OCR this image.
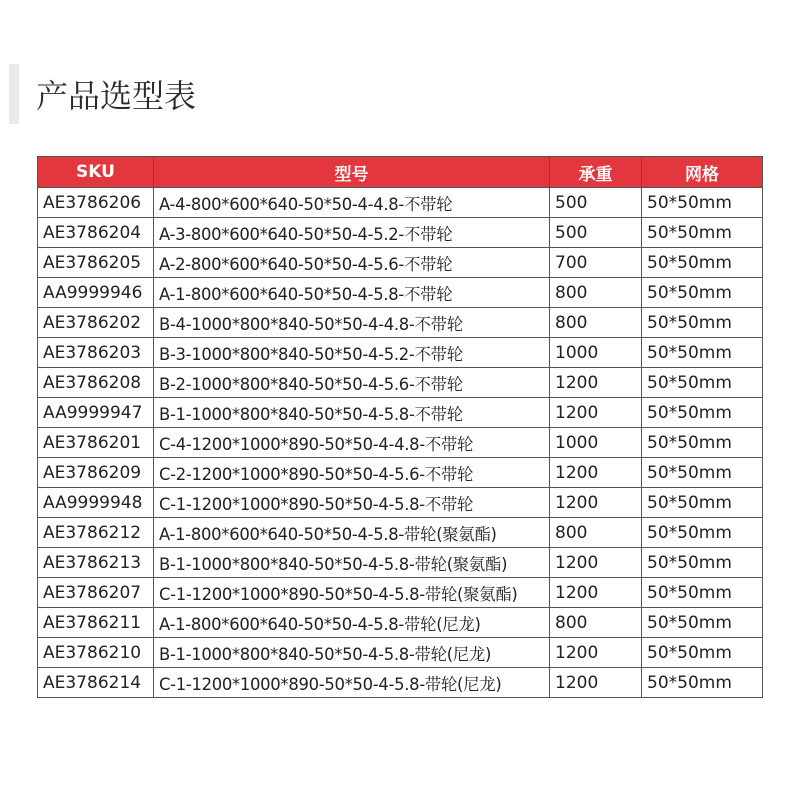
产品选型表
SKU	型号	承重	网格
AE3786206	A-4-800*600*640-50*50-4-4.8-不带轮	500	50*50mm
AE3786204	A-3-800*600*640-50*50-4-5.2-不带轮	500	50*50mm
AE3786205	A-2-800*600*640-50*50-4-5.6-不带轮	700	50*50mm
AA9999946	A-1-800*600*640-50*50-4-5.8-不带轮	800	50*50mm
AE3786202	B-4-1000*800*840-50*50-4-4.8-不带轮	800	50*50mm
AE3786203	B-3-1000*800*840-50*50-4-5.2-不带轮	1000	50*50mm
AE3786208	B-2-1000*800*840-50*50-4-5.6-不带轮	1200	50*50mm
AA9999947	B-1-1000*800*840-50*50-4-5.8-不带轮	1200	50*50mm
AE3786201	C-4-1200*1000*890-50*50-4-4.8-不带轮	1000	50*50mm
AE3786209	C-2-1200*1000*890-50*50-4-5.6-不带轮	1200	50*50mm
AA9999948	C-1-1200*1000*890-50*50-4-5.8-不带轮	1200	50*50mm
AE3786212	A-1-800*600*640-50*50-4-5.8-带轮(聚氨酯)	800	50*50mm
AE3786213	B-1-1000*800*840-50*50-4-5.8-带轮(聚氨酯)	1200	50*50mm
AE3786207	C-1-1200*1000*890-50*50-4-5.8-带轮(聚氨酯)	1200	50*50mm
AE3786211	A-1-800*600*640-50*50-4-5.8-带轮(尼龙)	800	50*50mm
AE3786210	B-1-1000*800*840-50*50-4-5.8-带轮(尼龙)	1200	50*50mm
AE3786214	C-1-1200*1000*890-50*50-4-5.8-带轮(尼龙)	1200	50*50mm
